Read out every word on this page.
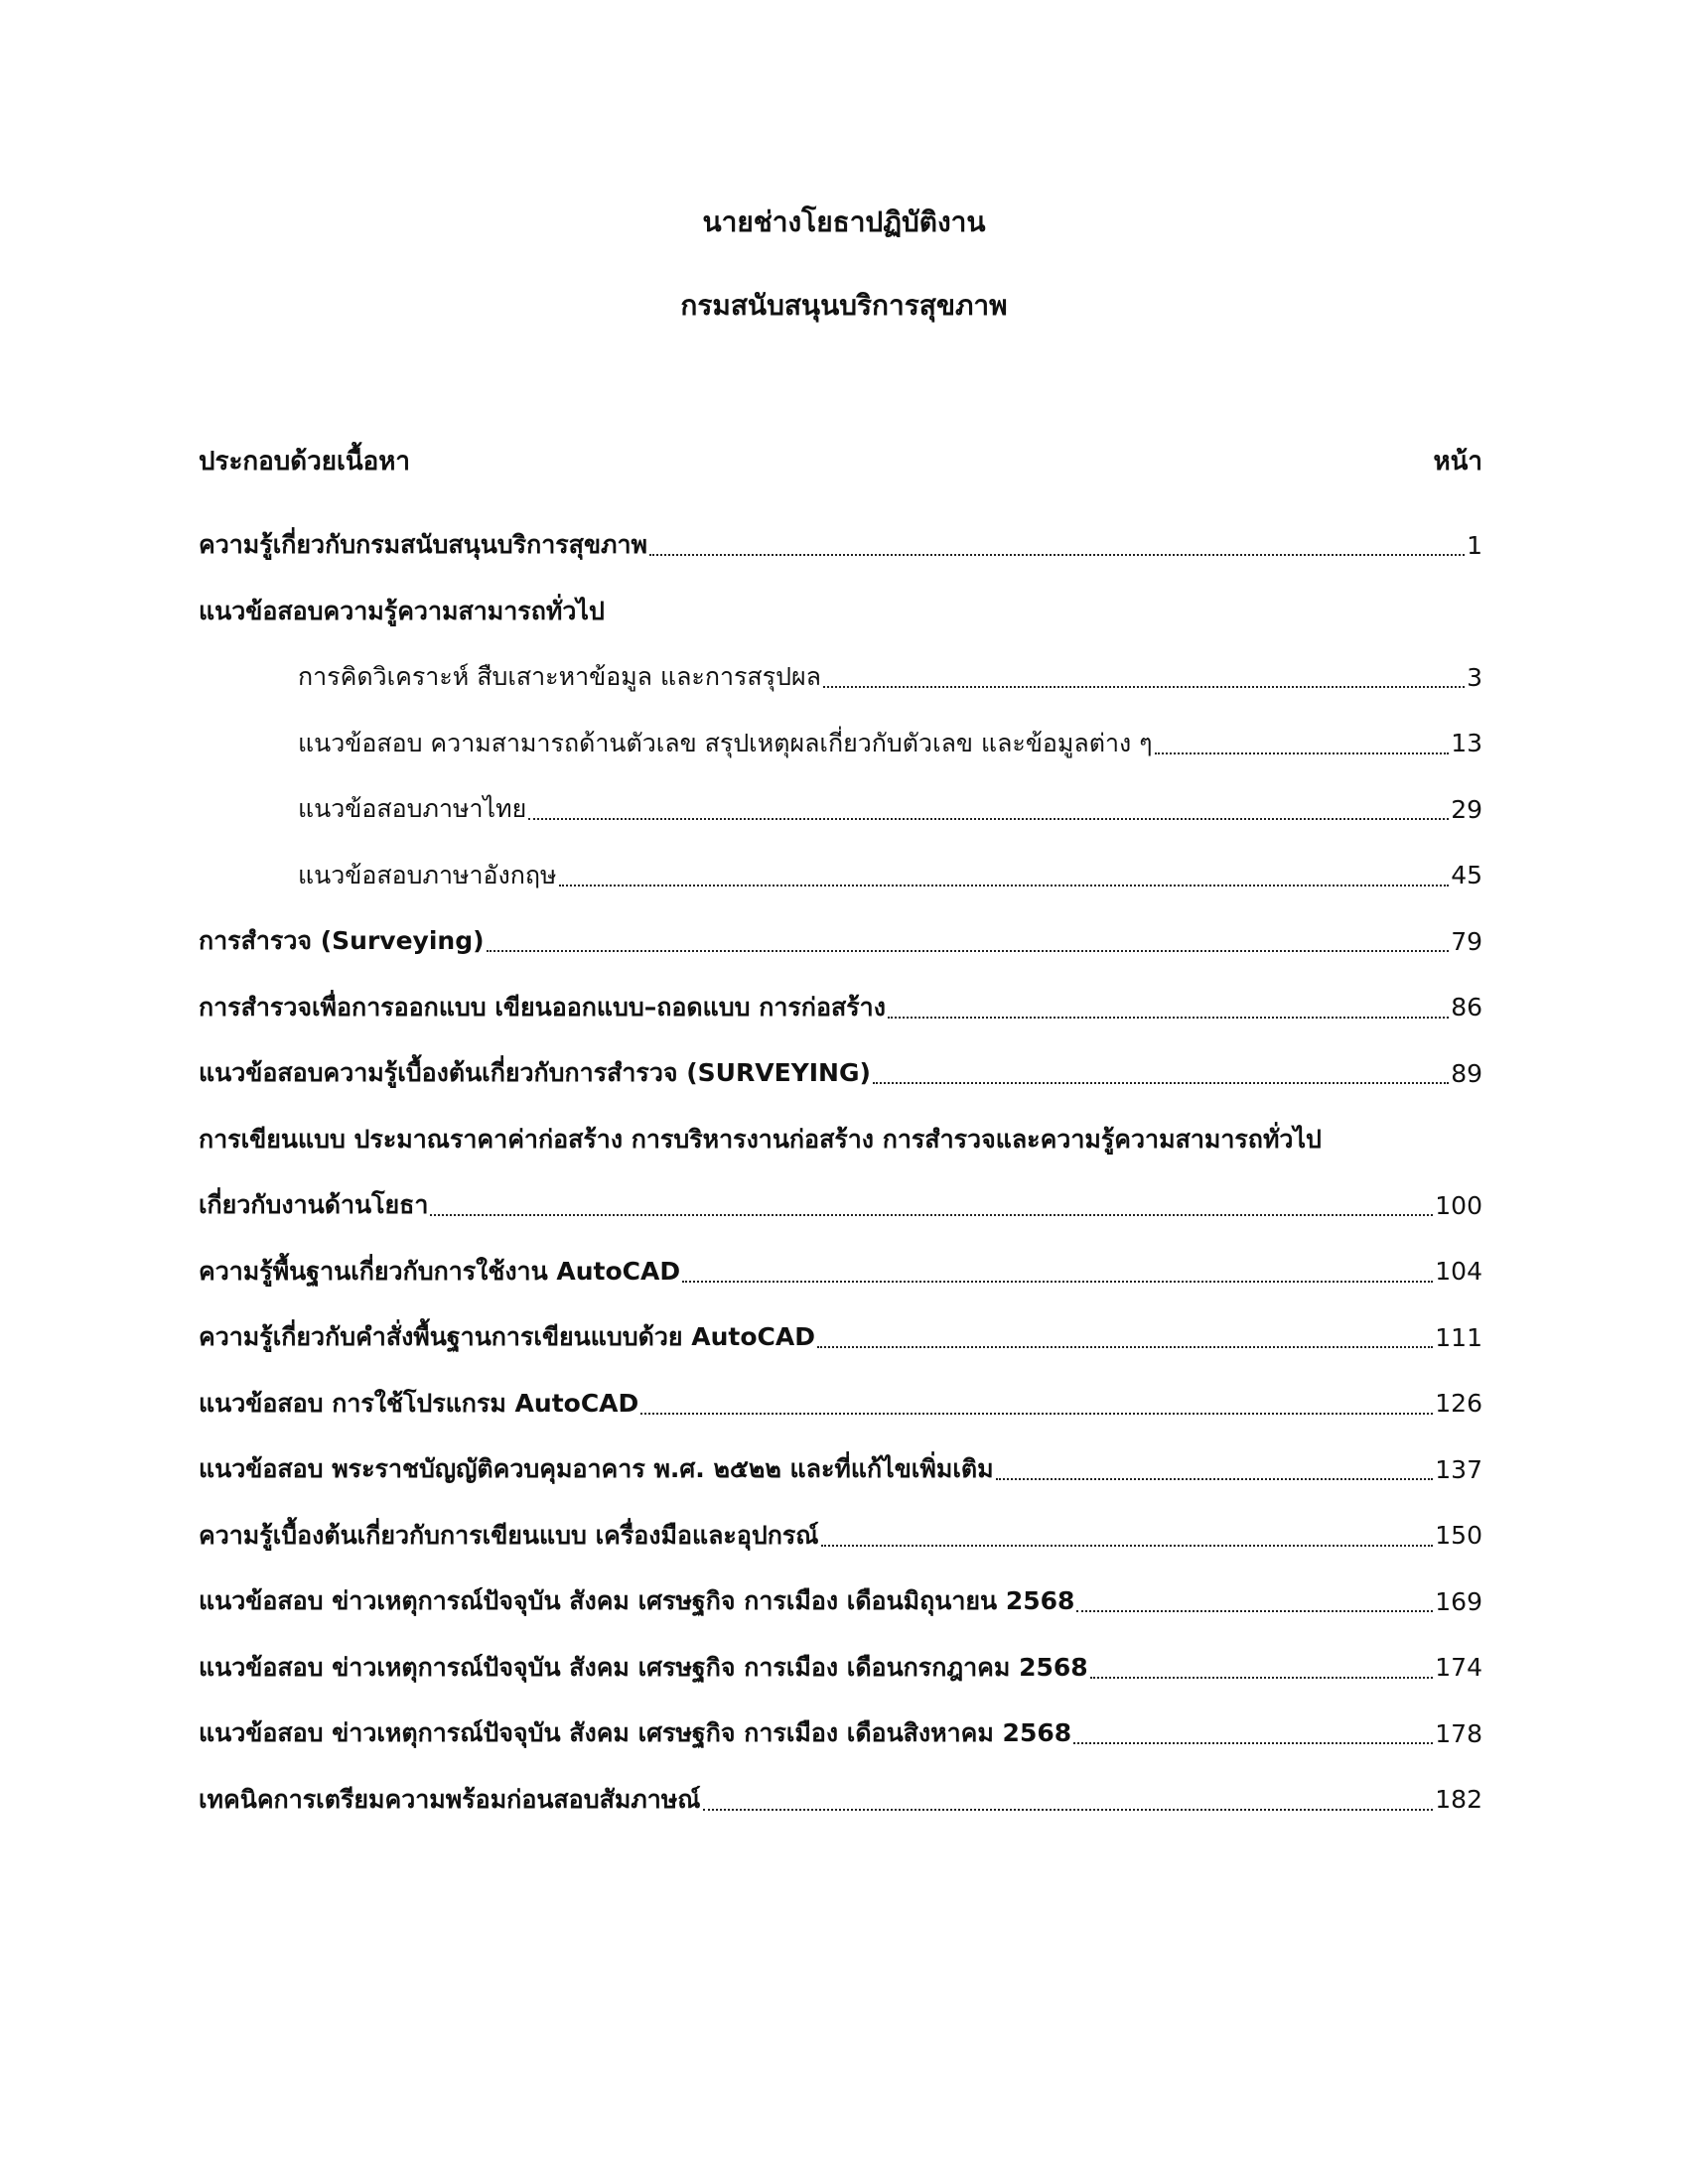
นายช่างโยธาปฏิบัติงาน
กรมสนับสนุนบริการสุขภาพ
ประกอบด้วยเนื้อหา	หน้า
ความรู้เกี่ยวกับกรมสนับสนุนบริการสุขภาพ	1
แนวข้อสอบความรู้ความสามารถทั่วไป
การคิดวิเคราะห์ สืบเสาะหาข้อมูล และการสรุปผล	3
แนวข้อสอบ ความสามารถด้านตัวเลข สรุปเหตุผลเกี่ยวกับตัวเลข และข้อมูลต่าง ๆ	13
แนวข้อสอบภาษาไทย	29
แนวข้อสอบภาษาอังกฤษ	45
การสำรวจ (Surveying)	79
การสำรวจเพื่อการออกแบบ เขียนออกแบบ–ถอดแบบ การก่อสร้าง	86
แนวข้อสอบความรู้เบื้องต้นเกี่ยวกับการสำรวจ (SURVEYING)	89
การเขียนแบบ ประมาณราคาค่าก่อสร้าง การบริหารงานก่อสร้าง การสำรวจและความรู้ความสามารถทั่วไป
เกี่ยวกับงานด้านโยธา	100
ความรู้พื้นฐานเกี่ยวกับการใช้งาน AutoCAD	104
ความรู้เกี่ยวกับคำสั่งพื้นฐานการเขียนแบบด้วย AutoCAD	111
แนวข้อสอบ การใช้โปรแกรม AutoCAD	126
แนวข้อสอบ พระราชบัญญัติควบคุมอาคาร พ.ศ. ๒๕๒๒ และที่แก้ไขเพิ่มเติม	137
ความรู้เบื้องต้นเกี่ยวกับการเขียนแบบ เครื่องมือและอุปกรณ์	150
แนวข้อสอบ ข่าวเหตุการณ์ปัจจุบัน สังคม เศรษฐกิจ การเมือง เดือนมิถุนายน 2568	169
แนวข้อสอบ ข่าวเหตุการณ์ปัจจุบัน สังคม เศรษฐกิจ การเมือง เดือนกรกฎาคม 2568	174
แนวข้อสอบ ข่าวเหตุการณ์ปัจจุบัน สังคม เศรษฐกิจ การเมือง เดือนสิงหาคม 2568	178
เทคนิคการเตรียมความพร้อมก่อนสอบสัมภาษณ์	182
